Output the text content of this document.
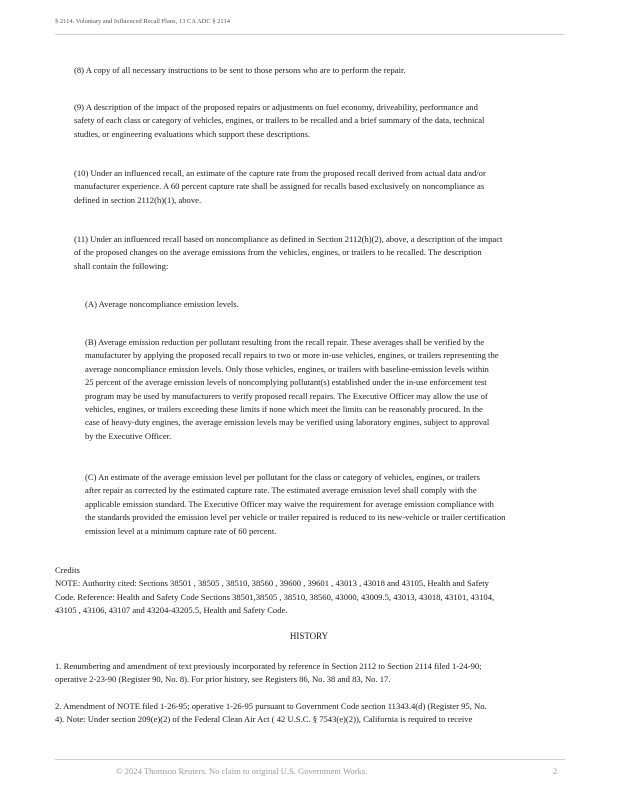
§ 2114. Voluntary and Influenced Recall Plans, 13 CA ADC § 2114
(8) A copy of all necessary instructions to be sent to those persons who are to perform the repair.
(9) A description of the impact of the proposed repairs or adjustments on fuel economy, driveability, performance and
safety of each class or category of vehicles, engines, or trailers to be recalled and a brief summary of the data, technical
studies, or engineering evaluations which support these descriptions.
(10) Under an influenced recall, an estimate of the capture rate from the proposed recall derived from actual data and/or
manufacturer experience. A 60 percent capture rate shall be assigned for recalls based exclusively on noncompliance as
defined in section 2112(h)(1), above.
(11) Under an influenced recall based on noncompliance as defined in Section 2112(h)(2), above, a description of the impact
of the proposed changes on the average emissions from the vehicles, engines, or trailers to be recalled. The description
shall contain the following:
(A) Average noncompliance emission levels.
(B) Average emission reduction per pollutant resulting from the recall repair. These averages shall be verified by the
manufacturer by applying the proposed recall repairs to two or more in-use vehicles, engines, or trailers representing the
average noncompliance emission levels. Only those vehicles, engines, or trailers with baseline-emission levels within
25 percent of the average emission levels of noncomplying pollutant(s) established under the in-use enforcement test
program may be used by manufacturers to verify proposed recall repairs. The Executive Officer may allow the use of
vehicles, engines, or trailers exceeding these limits if none which meet the limits can be reasonably procured. In the
case of heavy-duty engines, the average emission levels may be verified using laboratory engines, subject to approval
by the Executive Officer.
(C) An estimate of the average emission level per pollutant for the class or category of vehicles, engines, or trailers
after repair as corrected by the estimated capture rate. The estimated average emission level shall comply with the
applicable emission standard. The Executive Officer may waive the requirement for average emission compliance with
the standards provided the emission level per vehicle or trailer repaired is reduced to its new-vehicle or trailer certification
emission level at a minimum capture rate of 60 percent.
Credits
NOTE: Authority cited: Sections 38501 , 38505 , 38510, 38560 , 39600 , 39601 , 43013 , 43018 and 43105, Health and Safety
Code. Reference: Health and Safety Code Sections 38501,38505 , 38510, 38560, 43000, 43009.5, 43013, 43018, 43101, 43104,
43105 , 43106, 43107 and 43204-43205.5, Health and Safety Code.
HISTORY
1. Renumbering and amendment of text previously incorporated by reference in Section 2112 to Section 2114 filed 1-24-90;
operative 2-23-90 (Register 90, No. 8). For prior history, see Registers 86, No. 38 and 83, No. 17.
2. Amendment of NOTE filed 1-26-95; operative 1-26-95 pursuant to Government Code section 11343.4(d) (Register 95, No.
4). Note: Under section 209(e)(2) of the Federal Clean Air Act ( 42 U.S.C. § 7543(e)(2)), California is required to receive
© 2024 Thomson Reuters. No claim to original U.S. Government Works.	2
